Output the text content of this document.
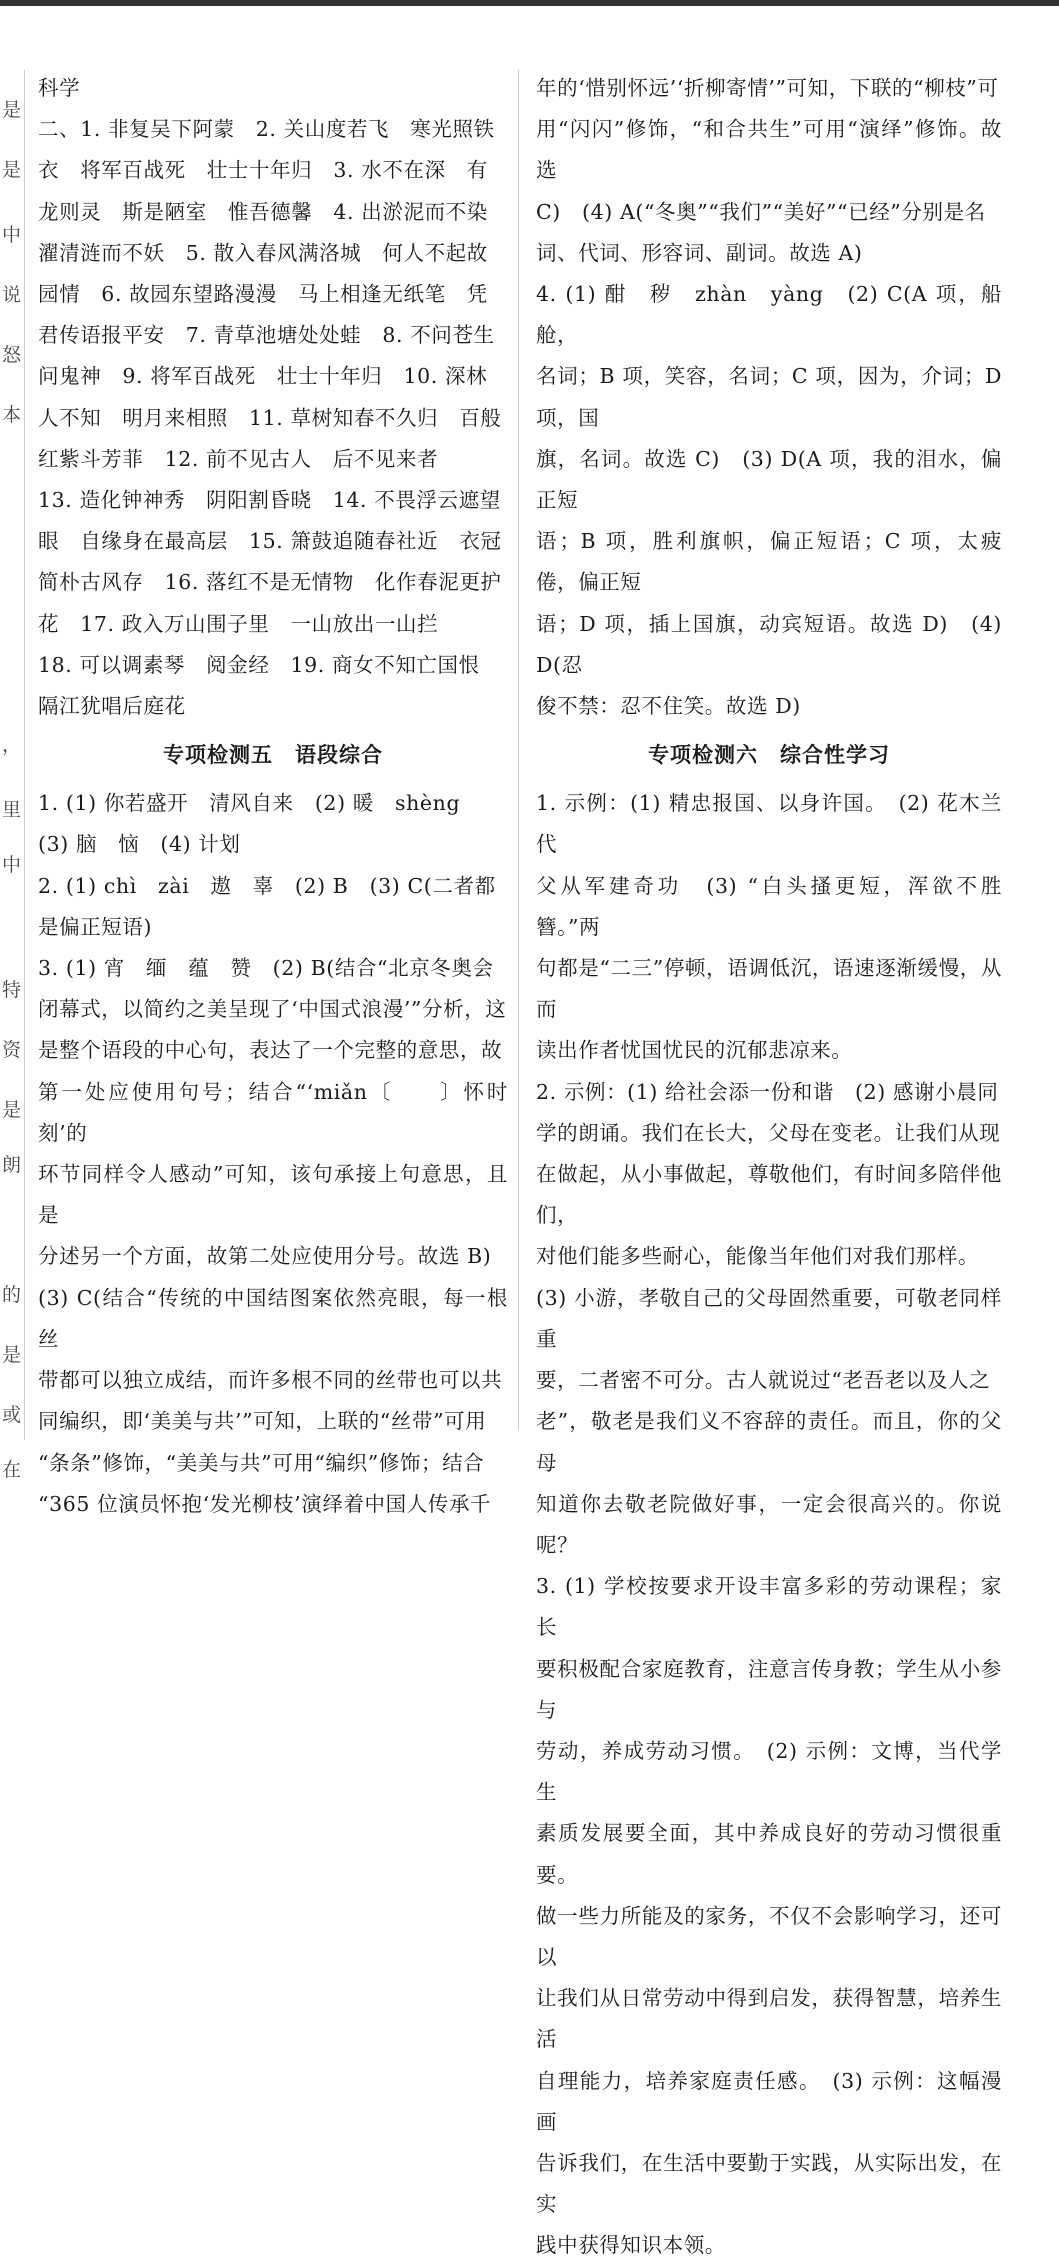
是
是
中
说
怒
本
，
里
中
特
资
是
朗
的
是
或
在

科学

二、1. 非复吴下阿蒙　2. 关山度若飞　寒光照铁

衣　将军百战死　壮士十年归　3. 水不在深　有

龙则灵　斯是陋室　惟吾德馨　4. 出淤泥而不染

濯清涟而不妖　5. 散入春风满洛城　何人不起故

园情　6. 故园东望路漫漫　马上相逢无纸笔　凭

君传语报平安　7. 青草池塘处处蛙　8. 不问苍生

问鬼神　9. 将军百战死　壮士十年归　10. 深林

人不知　明月来相照　11. 草树知春不久归　百般

红紫斗芳菲　12. 前不见古人　后不见来者

13. 造化钟神秀　阴阳割昏晓　14. 不畏浮云遮望

眼　自缘身在最高层　15. 箫鼓追随春社近　衣冠

简朴古风存　16. 落红不是无情物　化作春泥更护

花　17. 政入万山围子里　一山放出一山拦

18. 可以调素琴　阅金经　19. 商女不知亡国恨

隔江犹唱后庭花

专项检测五　语段综合

1. (1) 你若盛开　清风自来　(2) 暖　shèng

(3) 脑　恼　(4) 计划

2. (1) chì　zài　遨　辜　(2) B　(3) C(二者都

是偏正短语)

3. (1) 宵　缅　蕴　赞　(2) B(结合“北京冬奥会

闭幕式，以简约之美呈现了‘中国式浪漫’”分析，这

是整个语段的中心句，表达了一个完整的意思，故

第一处应使用句号；结合“‘miǎn〔　　〕怀时刻’的

环节同样令人感动”可知，该句承接上句意思，且是

分述另一个方面，故第二处应使用分号。故选 B)

(3) C(结合“传统的中国结图案依然亮眼，每一根丝

带都可以独立成结，而许多根不同的丝带也可以共

同编织，即‘美美与共’”可知，上联的“丝带”可用

“条条”修饰，“美美与共”可用“编织”修饰；结合

“365 位演员怀抱‘发光柳枝’演绎着中国人传承千

年的‘惜别怀远’‘折柳寄情’”可知，下联的“柳枝”可

用“闪闪”修饰，“和合共生”可用“演绎”修饰。故选

C)　(4) A(“冬奥”“我们”“美好”“已经”分别是名

词、代词、形容词、副词。故选 A)

4. (1) 酣　秽　zhàn　yàng　(2) C(A 项，船舱，

名词；B 项，笑容，名词；C 项，因为，介词；D 项，国

旗，名词。故选 C)　(3) D(A 项，我的泪水，偏正短

语；B 项，胜利旗帜，偏正短语；C 项，太疲倦，偏正短

语；D 项，插上国旗，动宾短语。故选 D)　(4) D(忍

俊不禁：忍不住笑。故选 D)

专项检测六　综合性学习

1. 示例：(1) 精忠报国、以身许国。　(2) 花木兰代

父从军建奇功　(3) “白头搔更短，浑欲不胜簪。”两

句都是“二三”停顿，语调低沉，语速逐渐缓慢，从而

读出作者忧国忧民的沉郁悲凉来。

2. 示例：(1) 给社会添一份和谐　(2) 感谢小晨同

学的朗诵。我们在长大，父母在变老。让我们从现

在做起，从小事做起，尊敬他们，有时间多陪伴他们，

对他们能多些耐心，能像当年他们对我们那样。

(3) 小游，孝敬自己的父母固然重要，可敬老同样重

要，二者密不可分。古人就说过“老吾老以及人之

老”，敬老是我们义不容辞的责任。而且，你的父母

知道你去敬老院做好事，一定会很高兴的。你说呢？

3. (1) 学校按要求开设丰富多彩的劳动课程；家长

要积极配合家庭教育，注意言传身教；学生从小参与

劳动，养成劳动习惯。　(2) 示例：文博，当代学生

素质发展要全面，其中养成良好的劳动习惯很重要。

做一些力所能及的家务，不仅不会影响学习，还可以

让我们从日常劳动中得到启发，获得智慧，培养生活

自理能力，培养家庭责任感。　(3) 示例：这幅漫画

告诉我们，在生活中要勤于实践，从实际出发，在实

践中获得知识本领。
